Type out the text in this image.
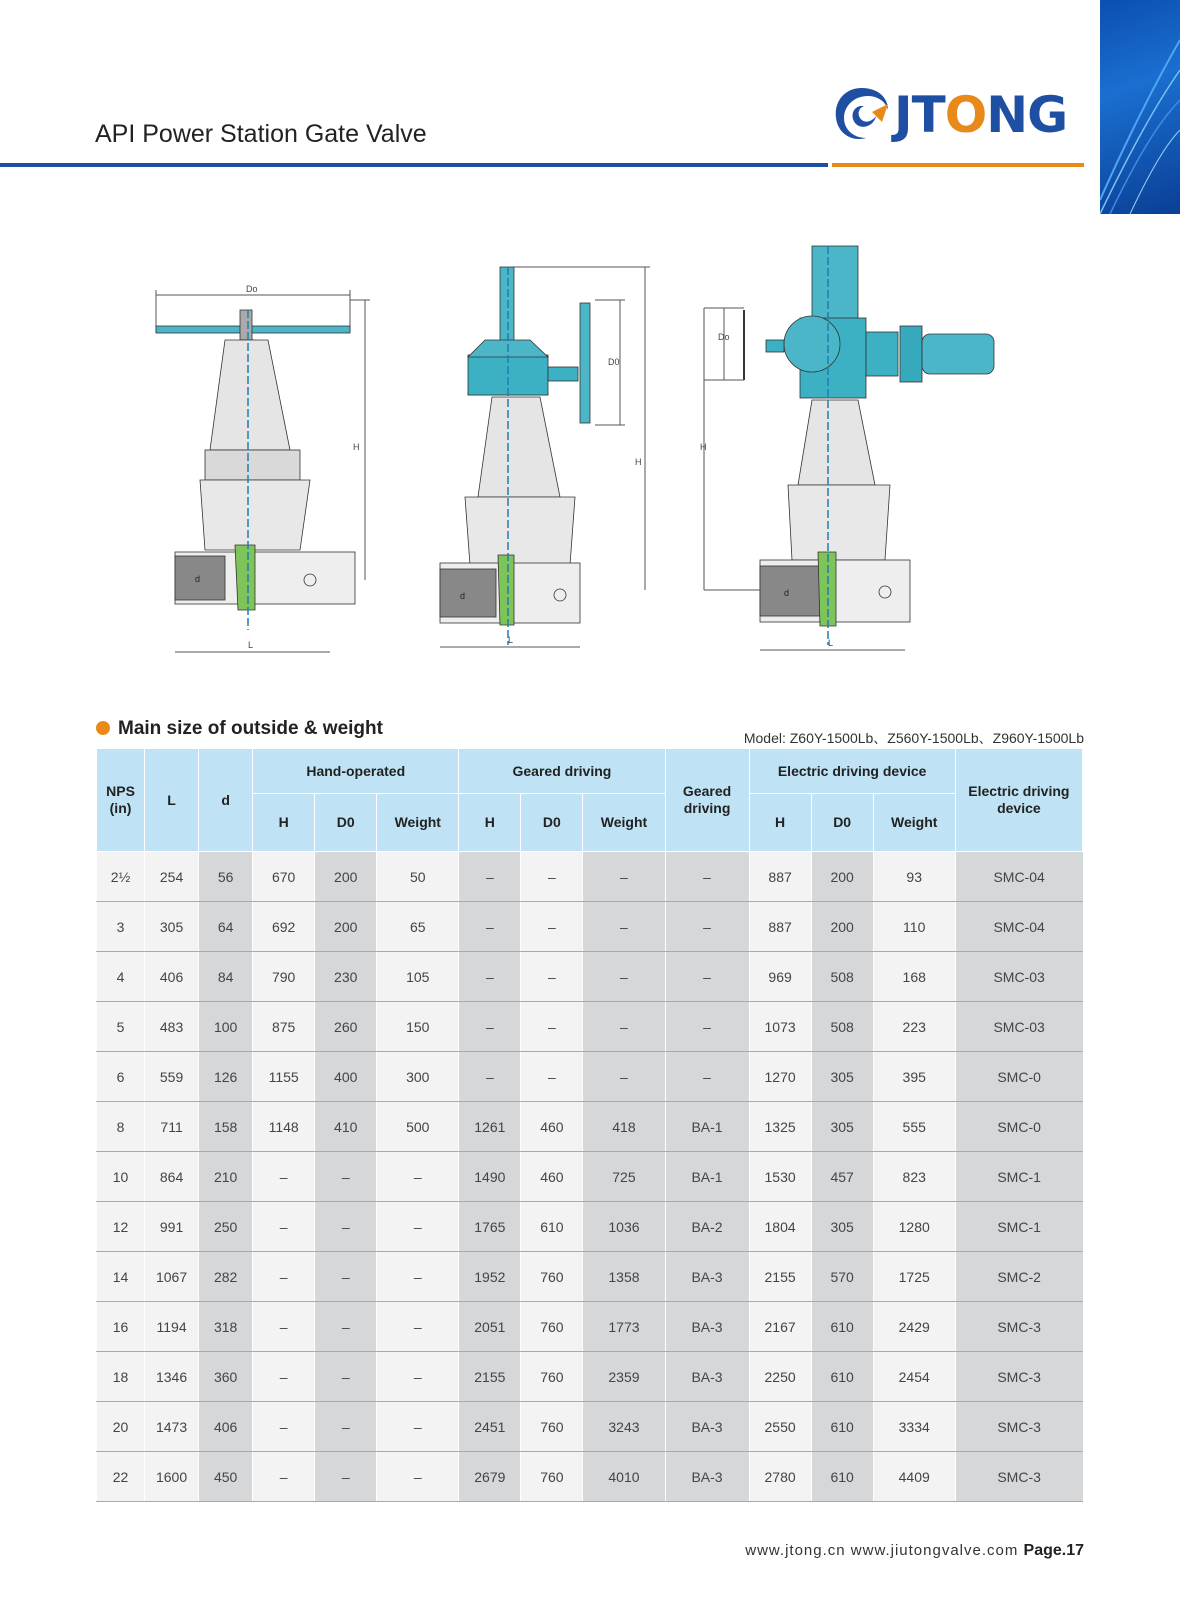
API Power Station Gate Valve	JTONG
Do
H
d
L
D0
H
d
L
Do
H
d
L
Main size of outside & weight	Model: Z60Y-1500Lb、Z560Y-1500Lb、Z960Y-1500Lb
NPS (in)	L	d	Hand-operated			Geared driving			Geared driving	Electric driving device			Electric driving device
			H	D0	Weight	H	D0	Weight		H	D0	Weight	
2½	254	56	670	200	50	–	–	–	–	887	200	93	SMC-04
3	305	64	692	200	65	–	–	–	–	887	200	110	SMC-04
4	406	84	790	230	105	–	–	–	–	969	508	168	SMC-03
5	483	100	875	260	150	–	–	–	–	1073	508	223	SMC-03
6	559	126	1155	400	300	–	–	–	–	1270	305	395	SMC-0
8	711	158	1148	410	500	1261	460	418	BA-1	1325	305	555	SMC-0
10	864	210	–	–	–	1490	460	725	BA-1	1530	457	823	SMC-1
12	991	250	–	–	–	1765	610	1036	BA-2	1804	305	1280	SMC-1
14	1067	282	–	–	–	1952	760	1358	BA-3	2155	570	1725	SMC-2
16	1194	318	–	–	–	2051	760	1773	BA-3	2167	610	2429	SMC-3
18	1346	360	–	–	–	2155	760	2359	BA-3	2250	610	2454	SMC-3
20	1473	406	–	–	–	2451	760	3243	BA-3	2550	610	3334	SMC-3
22	1600	450	–	–	–	2679	760	4010	BA-3	2780	610	4409	SMC-3
www.jtong.cn www.jiutongvalve.com Page.17
